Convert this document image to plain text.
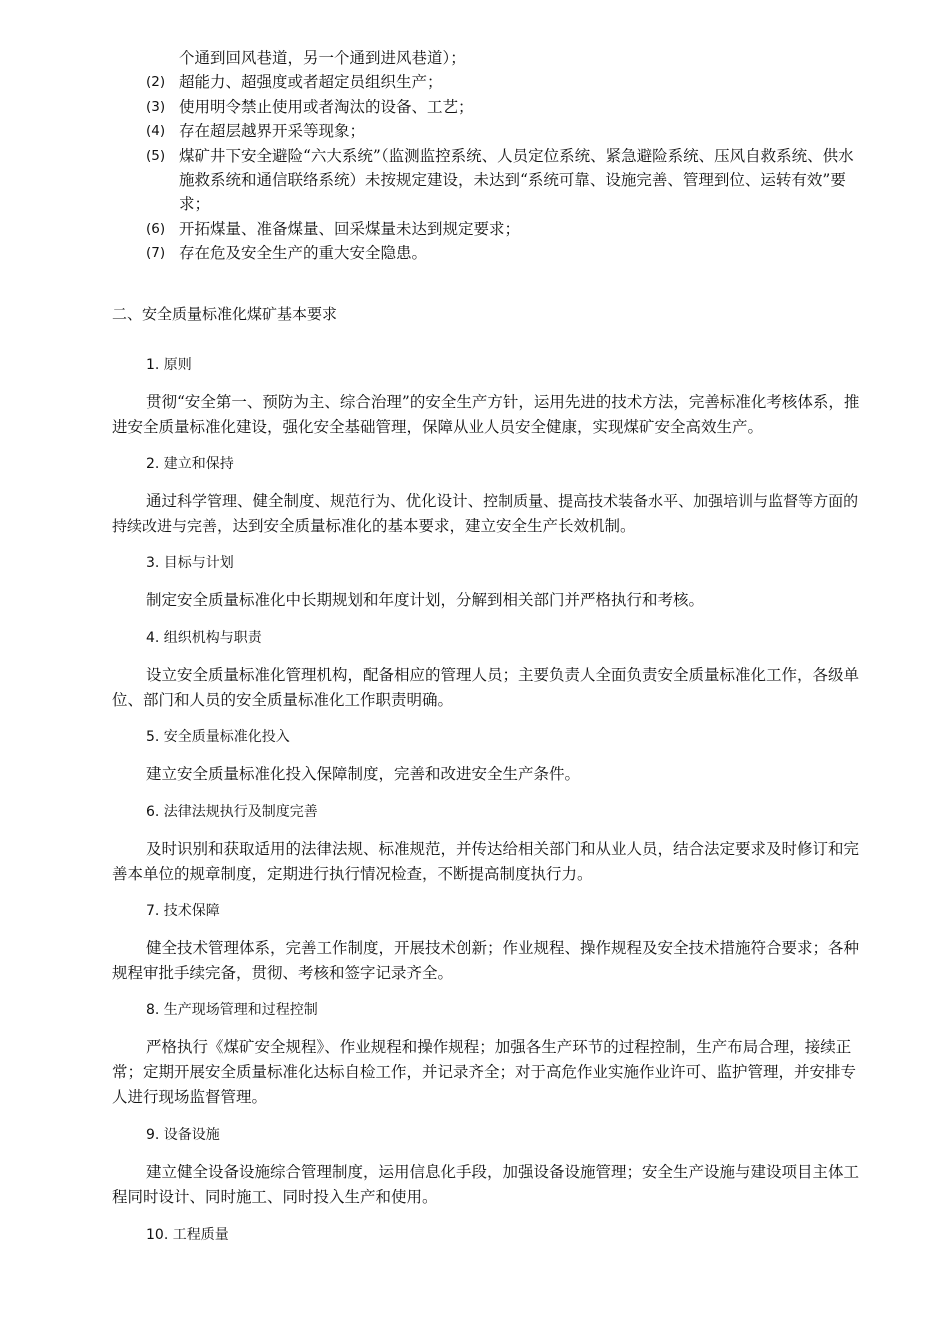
个通到回风巷道，另一个通到进风巷道）；
(2) 超能力、超强度或者超定员组织生产；
(3) 使用明令禁止使用或者淘汰的设备、工艺；
(4) 存在超层越界开采等现象；
(5) 煤矿井下安全避险“六大系统”（监测监控系统、人员定位系统、紧急避险系统、压风自救系统、供水施救系统和通信联络系统）未按规定建设，未达到“系统可靠、设施完善、管理到位、运转有效”要求；
(6) 开拓煤量、准备煤量、回采煤量未达到规定要求；
(7) 存在危及安全生产的重大安全隐患。
二、安全质量标准化煤矿基本要求
1. 原则

贯彻“安全第一、预防为主、综合治理”的安全生产方针，运用先进的技术方法，完善标准化考核体系，推进安全质量标准化建设，强化安全基础管理，保障从业人员安全健康，实现煤矿安全高效生产。

2. 建立和保持

通过科学管理、健全制度、规范行为、优化设计、控制质量、提高技术装备水平、加强培训与监督等方面的持续改进与完善，达到安全质量标准化的基本要求，建立安全生产长效机制。

3. 目标与计划

制定安全质量标准化中长期规划和年度计划，分解到相关部门并严格执行和考核。

4. 组织机构与职责

设立安全质量标准化管理机构，配备相应的管理人员；主要负责人全面负责安全质量标准化工作，各级单位、部门和人员的安全质量标准化工作职责明确。

5. 安全质量标准化投入

建立安全质量标准化投入保障制度，完善和改进安全生产条件。

6. 法律法规执行及制度完善

及时识别和获取适用的法律法规、标准规范，并传达给相关部门和从业人员，结合法定要求及时修订和完善本单位的规章制度，定期进行执行情况检查，不断提高制度执行力。

7. 技术保障

健全技术管理体系，完善工作制度，开展技术创新；作业规程、操作规程及安全技术措施符合要求；各种规程审批手续完备，贯彻、考核和签字记录齐全。

8. 生产现场管理和过程控制

严格执行《煤矿安全规程》、作业规程和操作规程；加强各生产环节的过程控制，生产布局合理，接续正常；定期开展安全质量标准化达标自检工作，并记录齐全；对于高危作业实施作业许可、监护管理，并安排专人进行现场监督管理。

9. 设备设施

建立健全设备设施综合管理制度，运用信息化手段，加强设备设施管理；安全生产设施与建设项目主体工程同时设计、同时施工、同时投入生产和使用。

10. 工程质量
